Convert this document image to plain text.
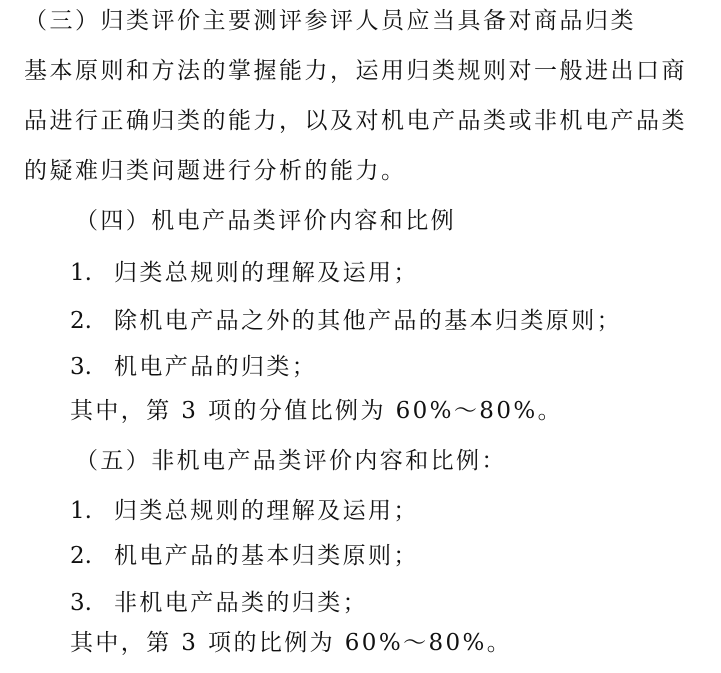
（三）归类评价主要测评参评人员应当具备对商品归类
基本原则和方法的掌握能力，运用归类规则对一般进出口商
品进行正确归类的能力，以及对机电产品类或非机电产品类
的疑难归类问题进行分析的能力。
（四）机电产品类评价内容和比例
1. 归类总规则的理解及运用；
2. 除机电产品之外的其他产品的基本归类原则；
3. 机电产品的归类；
其中，第 3 项的分值比例为 60%～80%。
（五）非机电产品类评价内容和比例：
1. 归类总规则的理解及运用；
2. 机电产品的基本归类原则；
3. 非机电产品类的归类；
其中，第 3 项的比例为 60%～80%。
